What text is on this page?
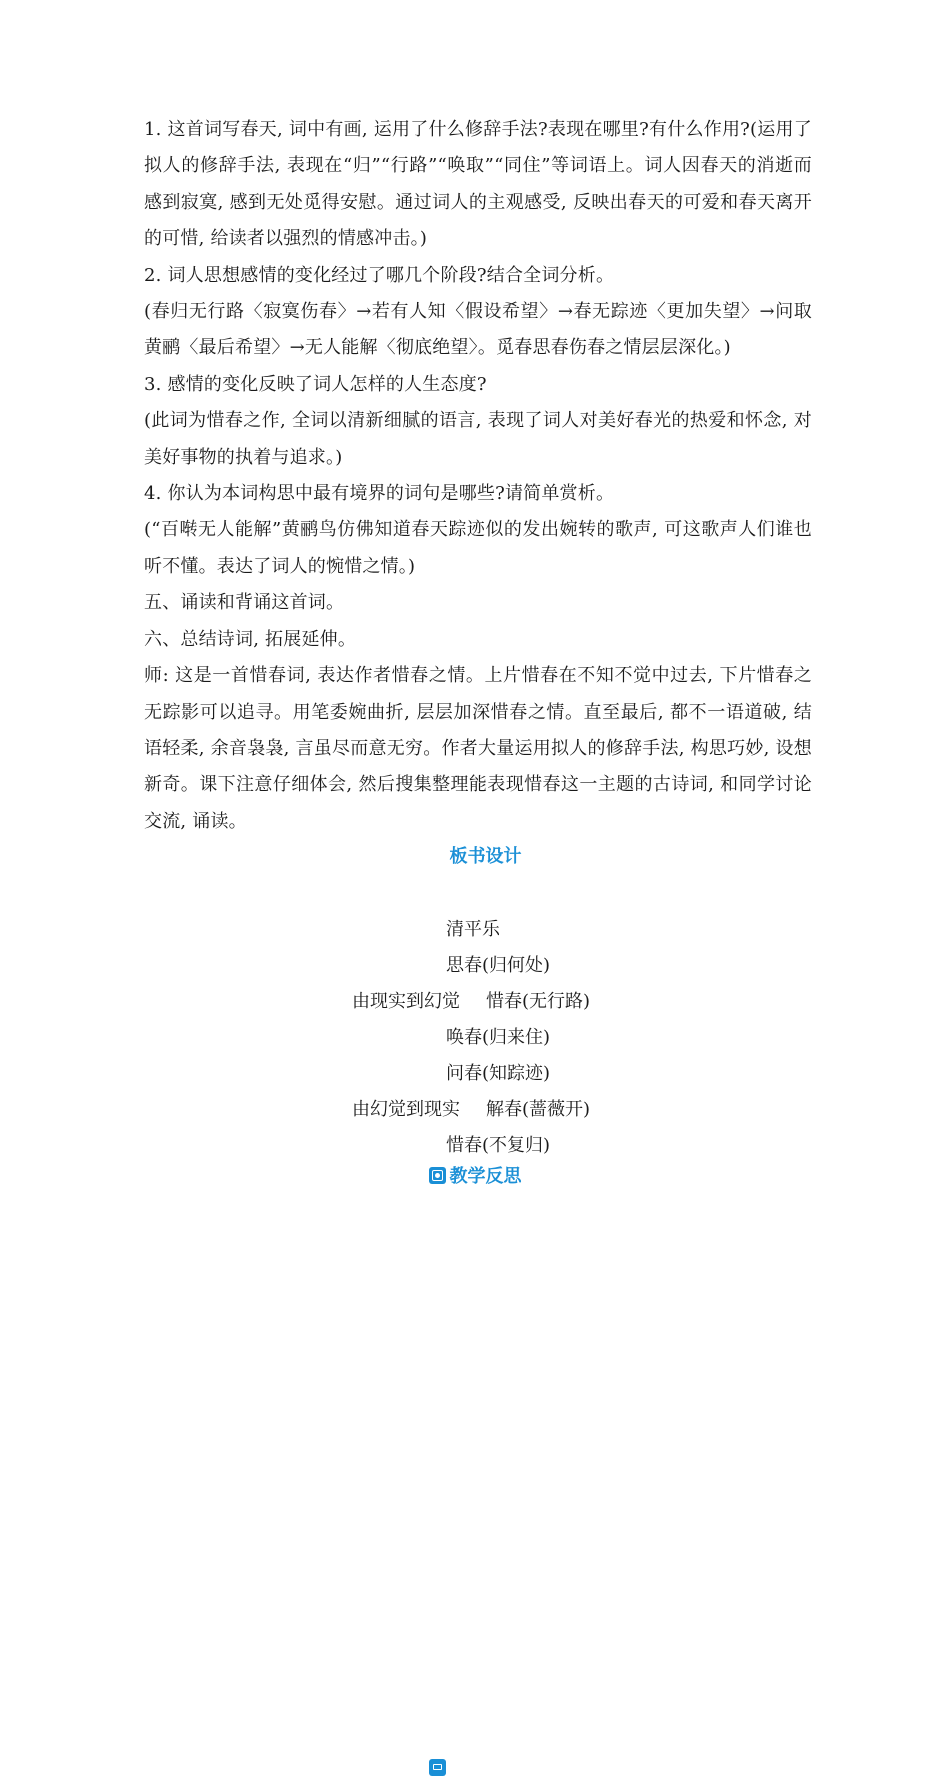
1. 这首词写春天, 词中有画, 运用了什么修辞手法?表现在哪里?有什么作用?(运用了拟人的修辞手法, 表现在“归”“行路”“唤取”“同住”等词语上。词人因春天的消逝而感到寂寞, 感到无处觅得安慰。通过词人的主观感受, 反映出春天的可爱和春天离开的可惜, 给读者以强烈的情感冲击。)

2. 词人思想感情的变化经过了哪几个阶段?结合全词分析。

(春归无行路〈寂寞伤春〉→若有人知〈假设希望〉→春无踪迹〈更加失望〉→问取黄鹂〈最后希望〉→无人能解〈彻底绝望〉。觅春思春伤春之情层层深化。)

3. 感情的变化反映了词人怎样的人生态度?

(此词为惜春之作, 全词以清新细腻的语言, 表现了词人对美好春光的热爱和怀念, 对美好事物的执着与追求。)

4. 你认为本词构思中最有境界的词句是哪些?请简单赏析。

(“百啭无人能解”黄鹂鸟仿佛知道春天踪迹似的发出婉转的歌声, 可这歌声人们谁也听不懂。表达了词人的惋惜之情。)

五、诵读和背诵这首词。

六、总结诗词, 拓展延伸。

师: 这是一首惜春词, 表达作者惜春之情。上片惜春在不知不觉中过去, 下片惜春之无踪影可以追寻。用笔委婉曲折, 层层加深惜春之情。直至最后, 都不一语道破, 结语轻柔, 余音袅袅, 言虽尽而意无穷。作者大量运用拟人的修辞手法, 构思巧妙, 设想新奇。课下注意仔细体会, 然后搜集整理能表现惜春这一主题的古诗词, 和同学讨论交流, 诵读。

板书设计
清平乐
思春(归何处)
由现实到幻觉 惜春(无行路)
唤春(归来住)
问春(知踪迹)
由幻觉到现实 解春(蔷薇开)
惜春(不复归)
教学反思
